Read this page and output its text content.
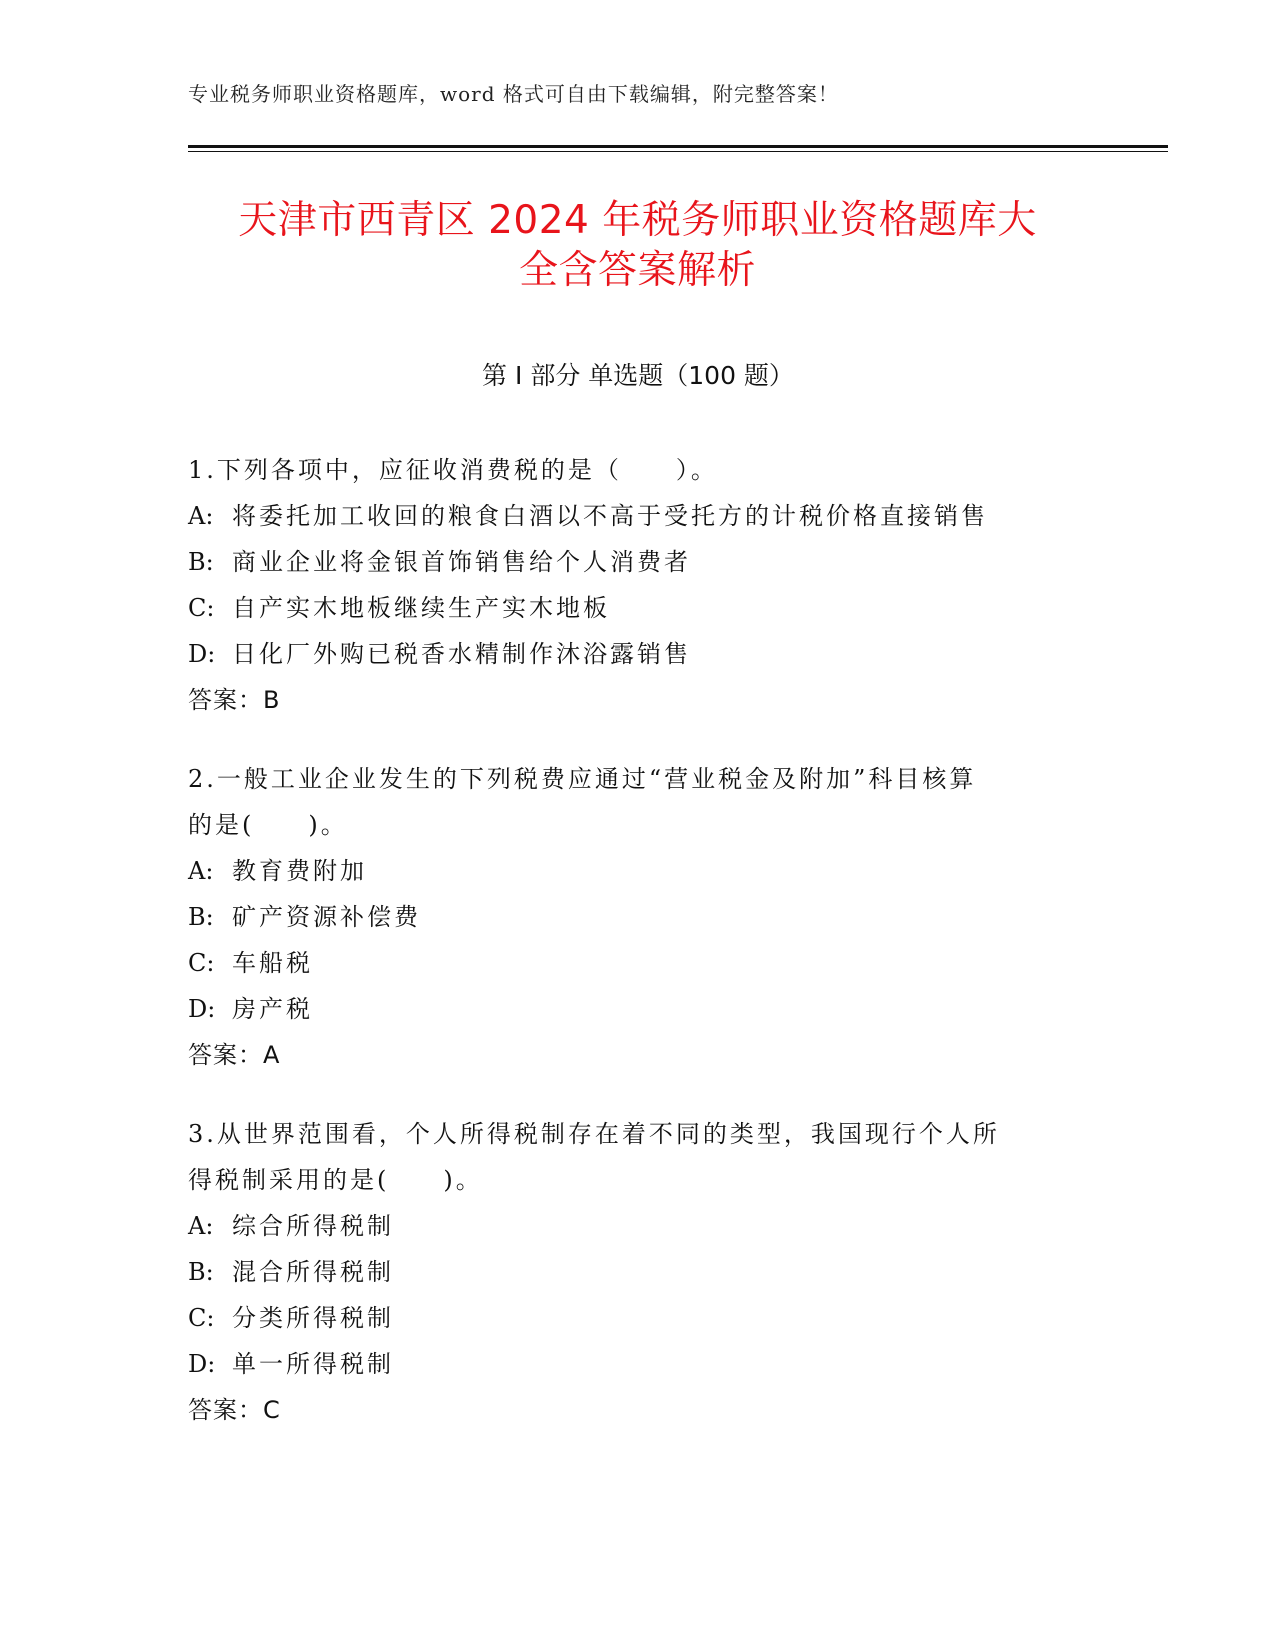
专业税务师职业资格题库，word 格式可自由下载编辑，附完整答案！
天津市西青区 2024 年税务师职业资格题库大
全含答案解析
第 I 部分 单选题（100 题）
1.下列各项中，应征收消费税的是（　　）。
A: 将委托加工收回的粮食白酒以不高于受托方的计税价格直接销售
B: 商业企业将金银首饰销售给个人消费者
C: 自产实木地板继续生产实木地板
D: 日化厂外购已税香水精制作沐浴露销售
答案：B
2.一般工业企业发生的下列税费应通过“营业税金及附加”科目核算
的是(　　)。
A: 教育费附加
B: 矿产资源补偿费
C: 车船税
D: 房产税
答案：A
3.从世界范围看，个人所得税制存在着不同的类型，我国现行个人所
得税制采用的是(　　)。
A: 综合所得税制
B: 混合所得税制
C: 分类所得税制
D: 单一所得税制
答案：C
